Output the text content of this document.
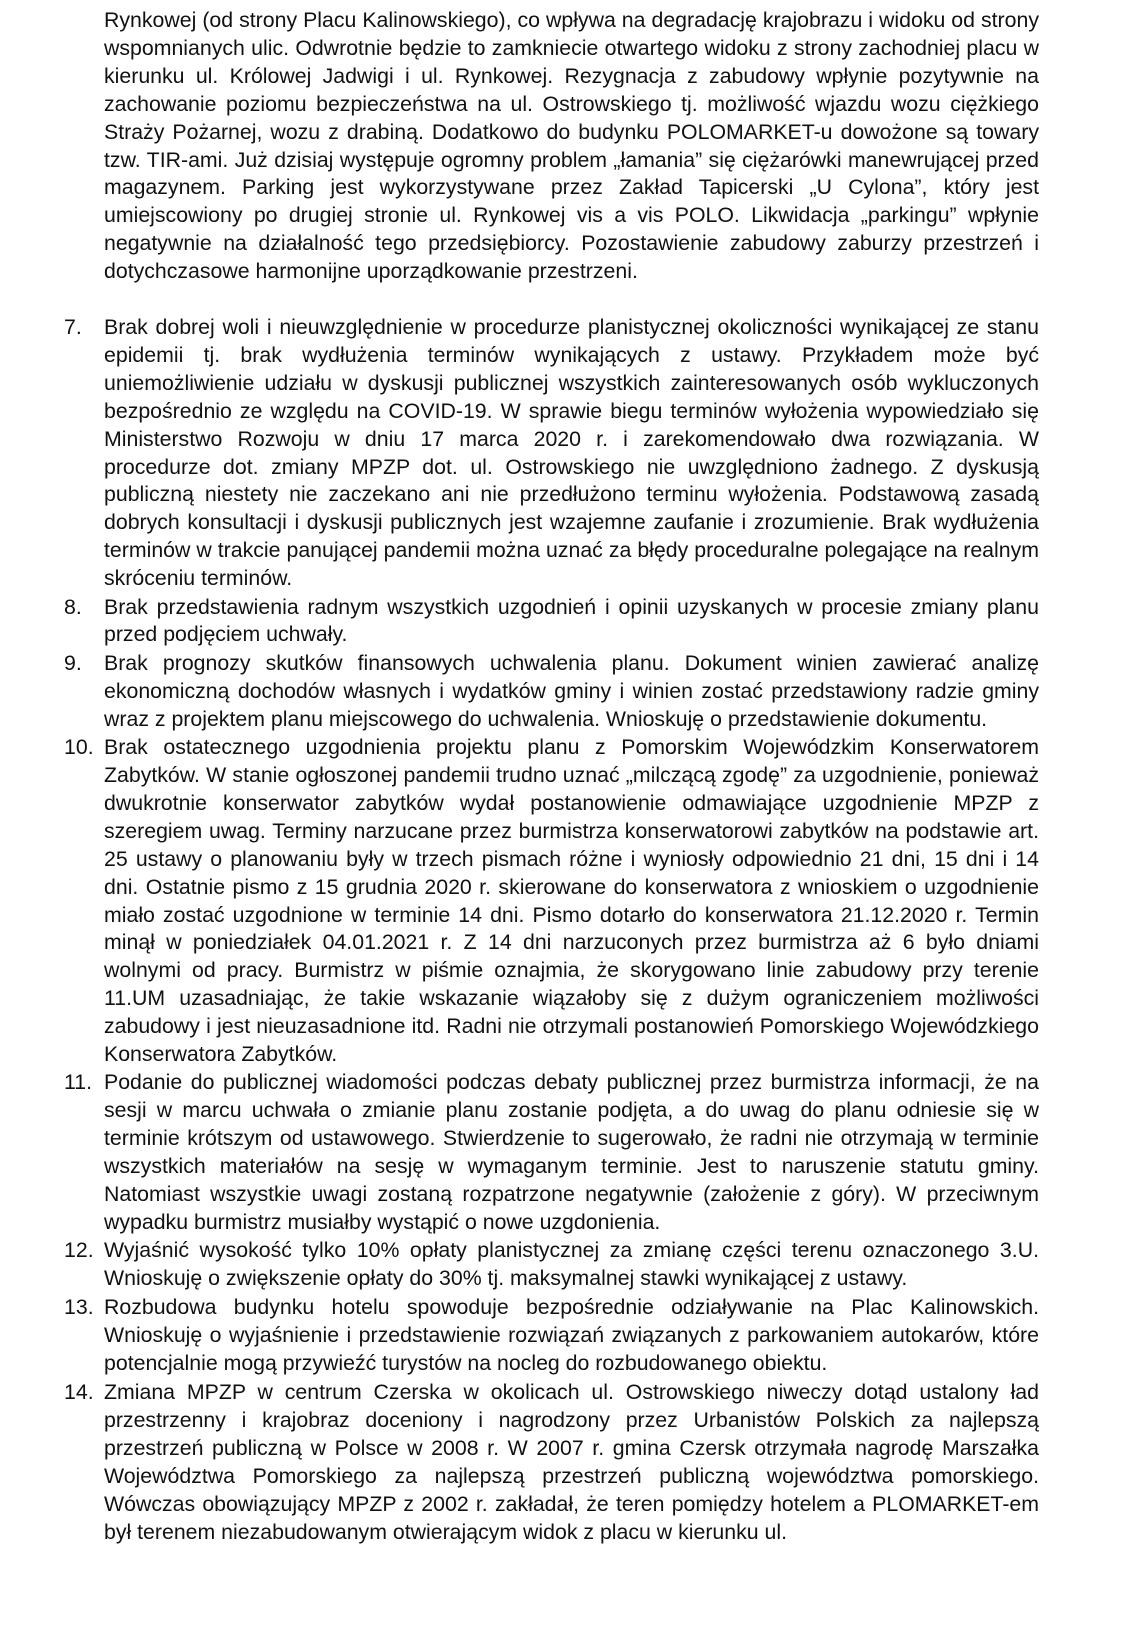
Rynkowej (od strony Placu Kalinowskiego), co wpływa na degradację krajobrazu i widoku od strony wspomnianych ulic. Odwrotnie będzie to zamkniecie otwartego widoku z strony zachodniej placu w kierunku ul. Królowej Jadwigi i ul. Rynkowej. Rezygnacja z zabudowy wpłynie pozytywnie na zachowanie poziomu bezpieczeństwa na ul. Ostrowskiego tj. możliwość wjazdu wozu ciężkiego Straży Pożarnej, wozu z drabiną. Dodatkowo do budynku POLOMARKET-u dowożone są towary tzw. TIR-ami. Już dzisiaj występuje ogromny problem „łamania” się ciężarówki manewrującej przed magazynem. Parking jest wykorzystywane przez Zakład Tapicerski „U Cylona”, który jest umiejscowiony po drugiej stronie ul. Rynkowej vis a vis POLO. Likwidacja „parkingu” wpłynie negatywnie na działalność tego przedsiębiorcy. Pozostawienie zabudowy zaburzy przestrzeń i dotychczasowe harmonijne uporządkowanie przestrzeni.

7.	Brak dobrej woli i nieuwzględnienie w procedurze planistycznej okoliczności wynikającej ze stanu epidemii tj. brak wydłużenia terminów wynikających z ustawy. Przykładem może być uniemożliwienie udziału w dyskusji publicznej wszystkich zainteresowanych osób wykluczonych bezpośrednio ze względu na COVID-19. W sprawie biegu terminów wyłożenia wypowiedziało się Ministerstwo Rozwoju w dniu 17 marca 2020 r. i zarekomendowało dwa rozwiązania. W procedurze dot. zmiany MPZP dot. ul. Ostrowskiego nie uwzględniono żadnego. Z dyskusją publiczną niestety nie zaczekano ani nie przedłużono terminu wyłożenia. Podstawową zasadą dobrych konsultacji i dyskusji publicznych jest wzajemne zaufanie i zrozumienie. Brak wydłużenia terminów w trakcie panującej pandemii można uznać za błędy proceduralne polegające na realnym skróceniu terminów.

8.	Brak przedstawienia radnym wszystkich uzgodnień i opinii uzyskanych w procesie zmiany planu przed podjęciem uchwały.

9.	Brak prognozy skutków finansowych uchwalenia planu. Dokument winien zawierać analizę ekonomiczną dochodów własnych i wydatków gminy i winien zostać przedstawiony radzie gminy wraz z projektem planu miejscowego do uchwalenia. Wnioskuję o przedstawienie dokumentu.

10. Brak ostatecznego uzgodnienia projektu planu z Pomorskim Wojewódzkim Konserwatorem Zabytków. W stanie ogłoszonej pandemii trudno uznać „milczącą zgodę” za uzgodnienie, ponieważ dwukrotnie konserwator zabytków wydał postanowienie odmawiające uzgodnienie MPZP z szeregiem uwag. Terminy narzucane przez burmistrza konserwatorowi zabytków na podstawie art. 25 ustawy o planowaniu były w trzech pismach różne i wyniosły odpowiednio 21 dni, 15 dni i 14 dni. Ostatnie pismo z 15 grudnia 2020 r. skierowane do konserwatora z wnioskiem o uzgodnienie miało zostać uzgodnione w terminie 14 dni. Pismo dotarło do konserwatora 21.12.2020 r. Termin minął w poniedziałek 04.01.2021 r. Z 14 dni narzuconych przez burmistrza aż 6 było dniami wolnymi od pracy. Burmistrz w piśmie oznajmia, że skorygowano linie zabudowy przy terenie 11.UM uzasadniając, że takie wskazanie wiązałoby się z dużym ograniczeniem możliwości zabudowy i jest nieuzasadnione itd. Radni nie otrzymali postanowień Pomorskiego Wojewódzkiego Konserwatora Zabytków.

11. Podanie do publicznej wiadomości podczas debaty publicznej przez burmistrza informacji, że na sesji w marcu uchwała o zmianie planu zostanie podjęta, a do uwag do planu odniesie się w terminie krótszym od ustawowego. Stwierdzenie to sugerowało, że radni nie otrzymają w terminie wszystkich materiałów na sesję w wymaganym terminie. Jest to naruszenie statutu gminy. Natomiast wszystkie uwagi zostaną rozpatrzone negatywnie (założenie z góry). W przeciwnym wypadku burmistrz musiałby wystąpić o nowe uzgdonienia.

12. Wyjaśnić wysokość tylko 10% opłaty planistycznej za zmianę części terenu oznaczonego 3.U. Wnioskuję o zwiększenie opłaty do 30% tj. maksymalnej stawki wynikającej z ustawy.

13. Rozbudowa budynku hotelu spowoduje bezpośrednie odziaływanie na Plac Kalinowskich. Wnioskuję o wyjaśnienie i przedstawienie rozwiązań związanych z parkowaniem autokarów, które potencjalnie mogą przywieźć turystów na nocleg do rozbudowanego obiektu.

14. Zmiana MPZP w centrum Czerska w okolicach ul. Ostrowskiego niweczy dotąd ustalony ład przestrzenny i krajobraz doceniony i nagrodzony przez Urbanistów Polskich za najlepszą przestrzeń publiczną w Polsce w 2008 r. W 2007 r. gmina Czersk otrzymała nagrodę Marszałka Województwa Pomorskiego za najlepszą przestrzeń publiczną województwa pomorskiego. Wówczas obowiązujący MPZP z 2002 r. zakładał, że teren pomiędzy hotelem a PLOMARKET-em był terenem niezabudowanym otwierającym widok z placu w kierunku ul.
